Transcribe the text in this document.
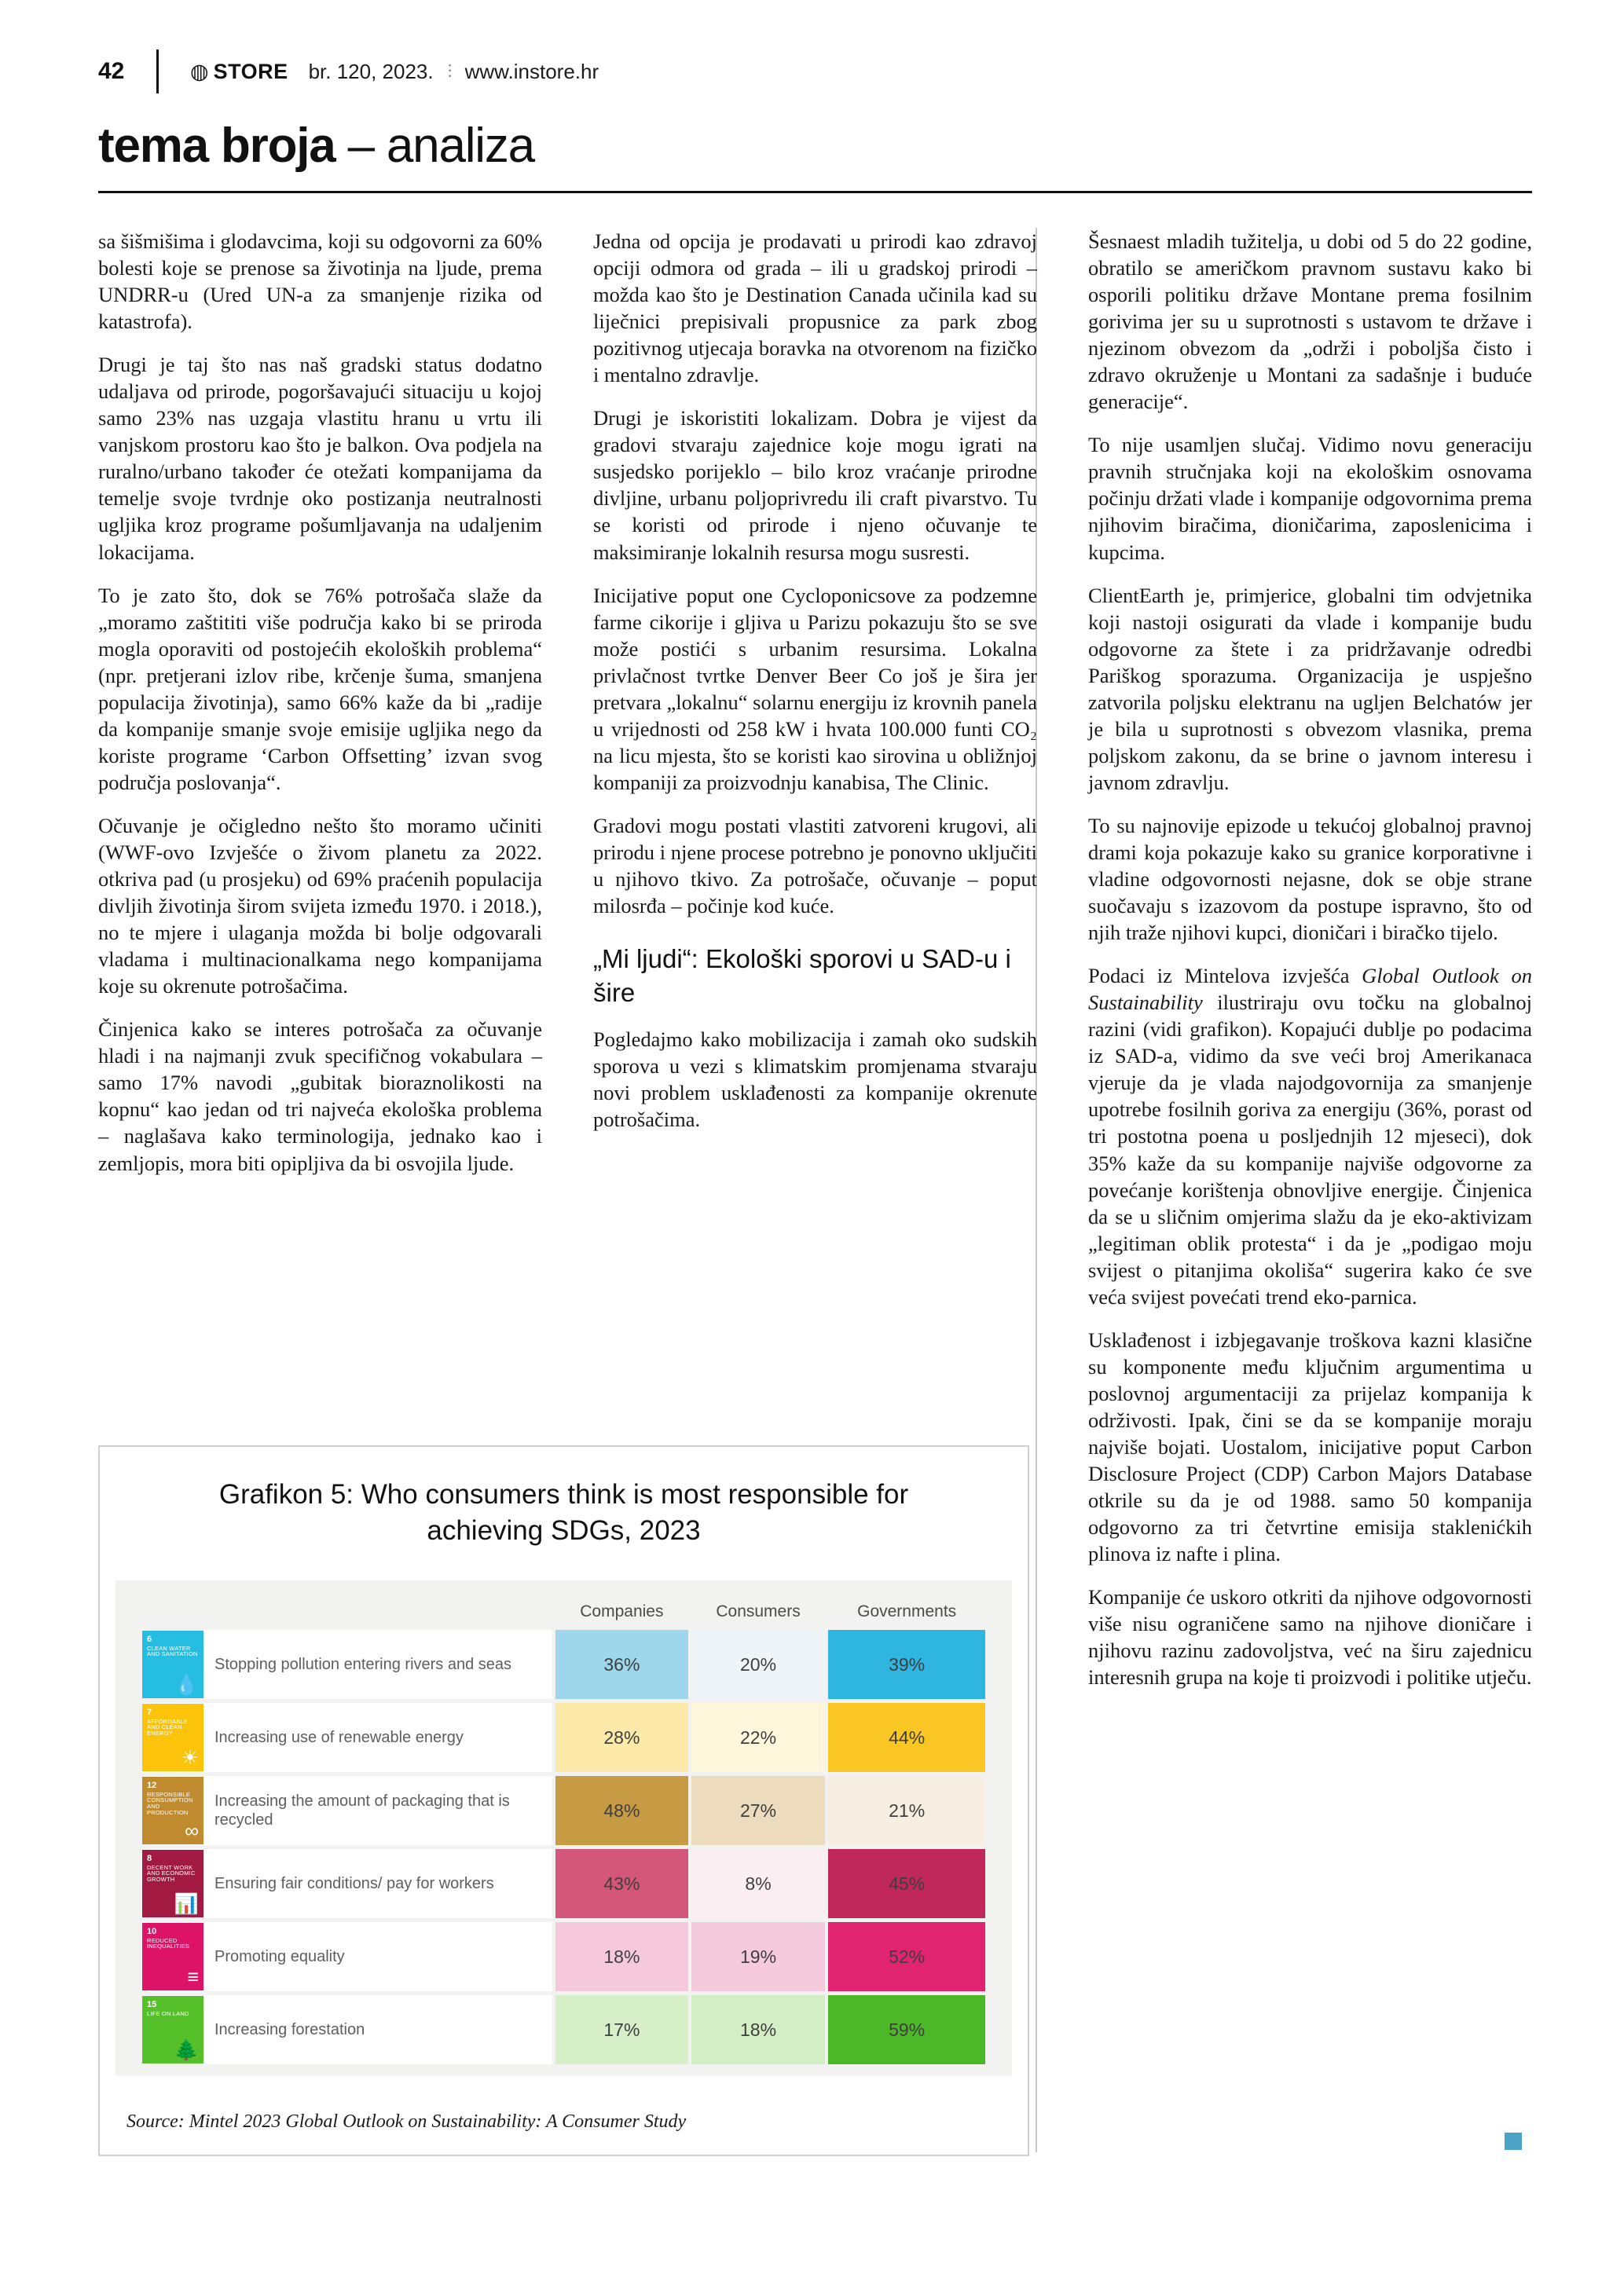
42	◍ STORE br. 120, 2023. ⋮ www.instore.hr
tema broja – analiza

sa šišmišima i glodavcima, koji su odgovorni za 60% bolesti koje se prenose sa životinja na ljude, prema UNDRR-u (Ured UN-a za smanjenje rizika od katastrofa).

Drugi je taj što nas naš gradski status dodatno udaljava od prirode, pogoršavajući situaciju u kojoj samo 23% nas uzgaja vlastitu hranu u vrtu ili vanjskom prostoru kao što je balkon. Ova podjela na ruralno/urbano također će otežati kompanijama da temelje svoje tvrdnje oko postizanja neutralnosti ugljika kroz programe pošumljavanja na udaljenim lokacijama.

To je zato što, dok se 76% potrošača slaže da „moramo zaštititi više područja kako bi se priroda mogla oporaviti od postojećih ekoloških problema“ (npr. pretjerani izlov ribe, krčenje šuma, smanjena populacija životinja), samo 66% kaže da bi „radije da kompanije smanje svoje emisije ugljika nego da koriste programe ‘Carbon Offsetting’ izvan svog područja poslovanja“.

Očuvanje je očigledno nešto što moramo učiniti (WWF-ovo Izvješće o živom planetu za 2022. otkriva pad (u prosjeku) od 69% praćenih populacija divljih životinja širom svijeta između 1970. i 2018.), no te mjere i ulaganja možda bi bolje odgovarali vladama i multinacionalkama nego kompanijama koje su okrenute potrošačima.

Činjenica kako se interes potrošača za očuvanje hladi i na najmanji zvuk specifičnog vokabulara – samo 17% navodi „gubitak bioraznolikosti na kopnu“ kao jedan od tri najveća ekološka problema – naglašava kako terminologija, jednako kao i zemljopis, mora biti opipljiva da bi osvojila ljude.

Jedna od opcija je prodavati u prirodi kao zdravoj opciji odmora od grada – ili u gradskoj prirodi – možda kao što je Destination Canada učinila kad su liječnici prepisivali propusnice za park zbog pozitivnog utjecaja boravka na otvorenom na fizičko i mentalno zdravlje.

Drugi je iskoristiti lokalizam. Dobra je vijest da gradovi stvaraju zajednice koje mogu igrati na susjedsko porijeklo – bilo kroz vraćanje prirodne divljine, urbanu poljoprivredu ili craft pivarstvo. Tu se koristi od prirode i njeno očuvanje te maksimiranje lokalnih resursa mogu susresti.

Inicijative poput one Cycloponicsove za podzemne farme cikorije i gljiva u Parizu pokazuju što se sve može postići s urbanim resursima. Lokalna privlačnost tvrtke Denver Beer Co još je šira jer pretvara „lokalnu“ solarnu energiju iz krovnih panela u vrijednosti od 258 kW i hvata 100.000 funti CO₂ na licu mjesta, što se koristi kao sirovina u obližnjoj kompaniji za proizvodnju kanabisa, The Clinic.

Gradovi mogu postati vlastiti zatvoreni krugovi, ali prirodu i njene procese potrebno je ponovno uključiti u njihovo tkivo. Za potrošače, očuvanje – poput milosrđa – počinje kod kuće.

„Mi ljudi“: Ekološki sporovi u SAD-u i šire

Pogledajmo kako mobilizacija i zamah oko sudskih sporova u vezi s klimatskim promjenama stvaraju novi problem usklađenosti za kompanije okrenute potrošačima.

Šesnaest mladih tužitelja, u dobi od 5 do 22 godine, obratilo se američkom pravnom sustavu kako bi osporili politiku države Montane prema fosilnim gorivima jer su u suprotnosti s ustavom te države i njezinom obvezom da „održi i poboljša čisto i zdravo okruženje u Montani za sadašnje i buduće generacije“.

To nije usamljen slučaj. Vidimo novu generaciju pravnih stručnjaka koji na ekološkim osnovama počinju držati vlade i kompanije odgovornima prema njihovim biračima, dioničarima, zaposlenicima i kupcima.

ClientEarth je, primjerice, globalni tim odvjetnika koji nastoji osigurati da vlade i kompanije budu odgovorne za štete i za pridržavanje odredbi Pariškog sporazuma. Organizacija je uspješno zatvorila poljsku elektranu na ugljen Belchatów jer je bila u suprotnosti s obvezom vlasnika, prema poljskom zakonu, da se brine o javnom interesu i javnom zdravlju.

To su najnovije epizode u tekućoj globalnoj pravnoj drami koja pokazuje kako su granice korporativne i vladine odgovornosti nejasne, dok se obje strane suočavaju s izazovom da postupe ispravno, što od njih traže njihovi kupci, dioničari i biračko tijelo.

Podaci iz Mintelova izvješća Global Outlook on Sustainability ilustriraju ovu točku na globalnoj razini (vidi grafikon). Kopajući dublje po podacima iz SAD-a, vidimo da sve veći broj Amerikanaca vjeruje da je vlada najodgovornija za smanjenje upotrebe fosilnih goriva za energiju (36%, porast od tri postotna poena u posljednjih 12 mjeseci), dok 35% kaže da su kompanije najviše odgovorne za povećanje korištenja obnovljive energije. Činjenica da se u sličnim omjerima slažu da je eko-aktivizam „legitiman oblik protesta“ i da je „podigao moju svijest o pitanjima okoliša“ sugerira kako će sve veća svijest povećati trend eko-parnica.

Usklađenost i izbjegavanje troškova kazni klasične su komponente među ključnim argumentima u poslovnoj argumentaciji za prijelaz kompanija k održivosti. Ipak, čini se da se kompanije moraju najviše bojati. Uostalom, inicijative poput Carbon Disclosure Project (CDP) Carbon Majors Database otkrile su da je od 1988. samo 50 kompanija odgovorno za tri četvrtine emisija staklenićkih plinova iz nafte i plina.

Kompanije će uskoro otkriti da njihove odgovornosti više nisu ograničene samo na njihove dioničare i njihovu razinu zadovoljstva, već na širu zajednicu interesnih grupa na koje ti proizvodi i politike utječu.

Grafikon 5: Who consumers think is most responsible for achieving SDGs, 2023
	Companies	Consumers	Governments

6
CLEAN WATER AND SANITATION
💧
Stopping pollution entering rivers and seas	36%	20%	39%

7
AFFORDABLE AND CLEAN ENERGY
☀
Increasing use of renewable energy	28%	22%	44%

12
RESPONSIBLE CONSUMPTION AND PRODUCTION
∞
Increasing the amount of packaging that is recycled	48%	27%	21%

8
DECENT WORK AND ECONOMIC GROWTH
📊
Ensuring fair conditions/ pay for workers	43%	8%	45%

10
REDUCED INEQUALITIES
≡
Promoting equality	18%	19%	52%

15
LIFE ON LAND
🌲
Increasing forestation	17%	18%	59%
Source: Mintel 2023 Global Outlook on Sustainability: A Consumer Study
